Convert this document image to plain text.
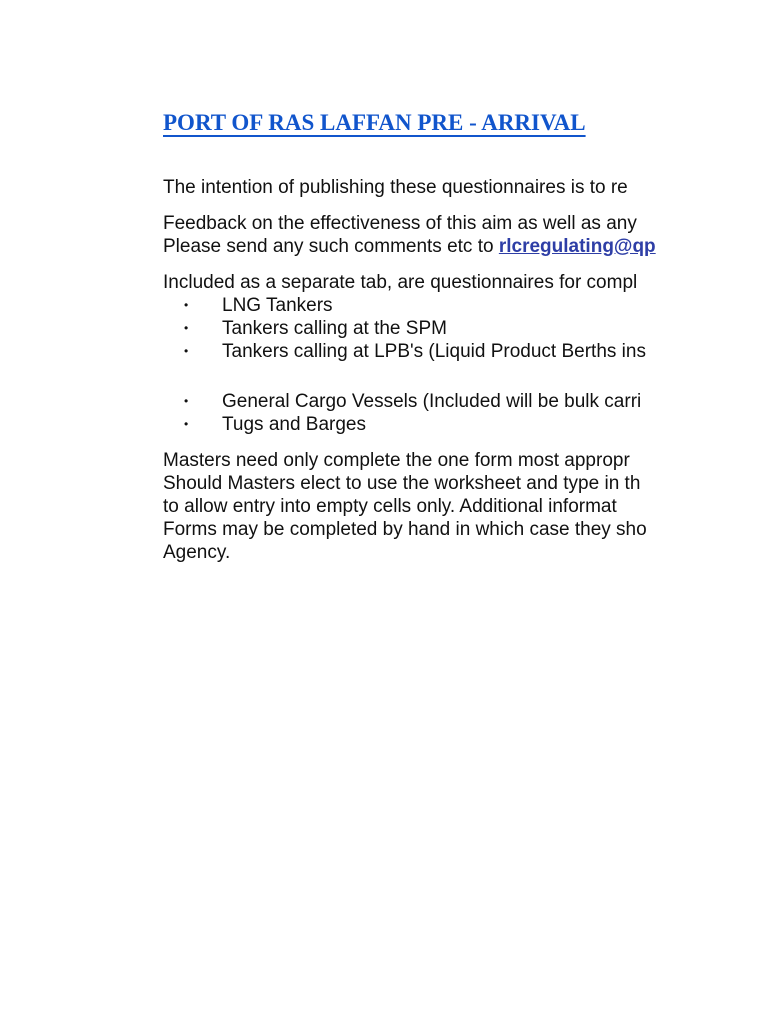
PORT OF RAS LAFFAN PRE - ARRIVAL

The intention of publishing these questionnaires is to re

Feedback on the effectiveness of this aim as well as any
Please send any such comments etc to rlcregulating@qp

Included as a separate tab, are questionnaires for compl

• LNG Tankers
• Tankers calling at the SPM
• Tankers calling at LPB's (Liquid Product Berths ins
• General Cargo Vessels (Included will be bulk carri
• Tugs and Barges
Masters need only complete the one form most appropr
Should Masters elect to use the worksheet and type in th
to allow entry into empty cells only. Additional informat
Forms may be completed by hand in which case they sho
Agency.
